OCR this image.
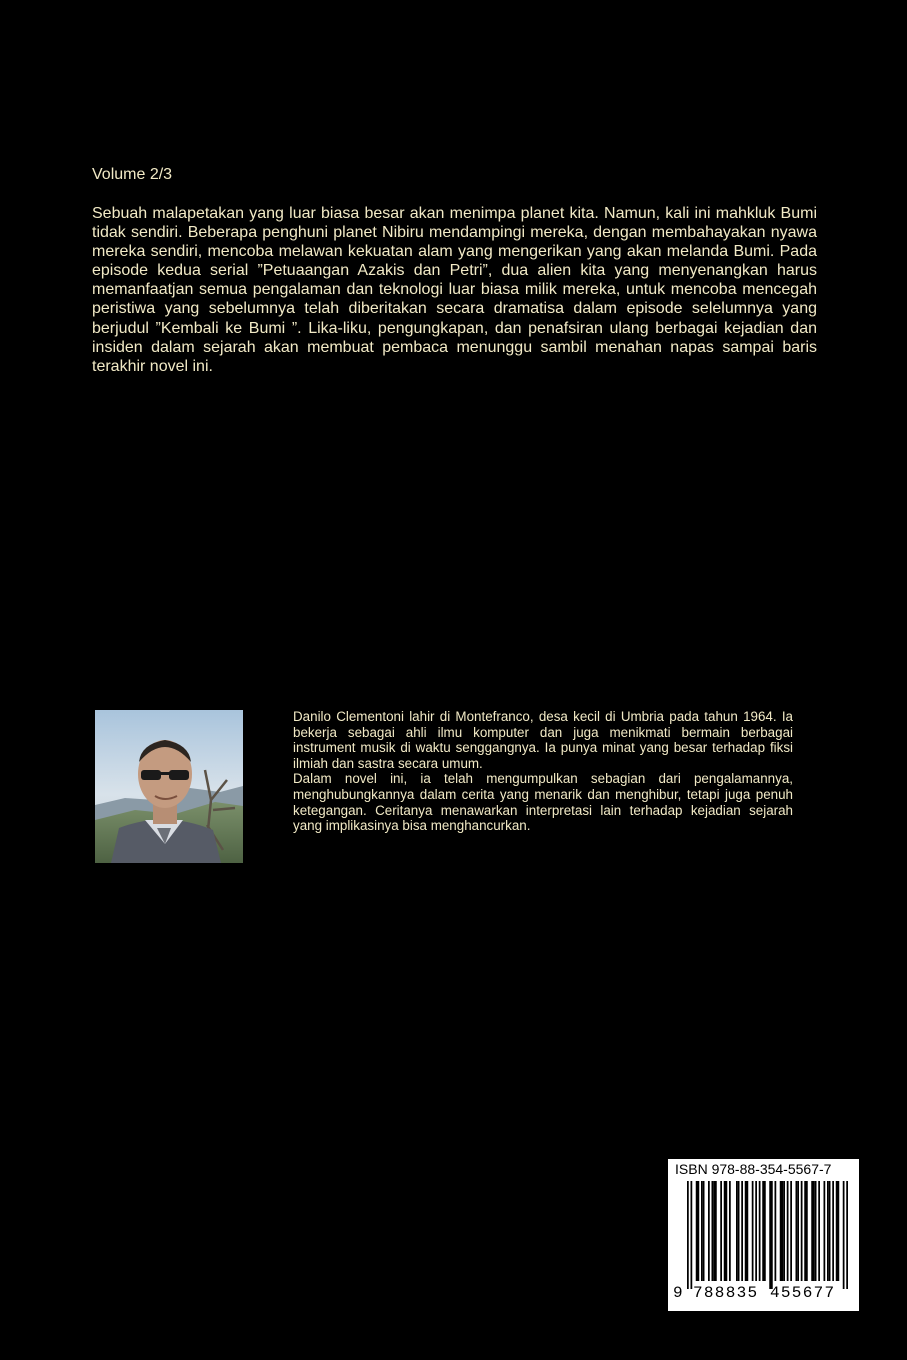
Volume 2/3

Sebuah malapetakan yang luar biasa besar akan menimpa planet kita. Namun, kali ini mahkluk Bumi tidak sendiri. Beberapa penghuni planet Nibiru mendampingi mereka, dengan membahayakan nyawa mereka sendiri, mencoba melawan kekuatan alam yang mengerikan yang akan melanda Bumi. Pada episode kedua serial ”Petuaangan Azakis dan Petri”, dua alien kita yang menyenangkan harus memanfaatjan semua pengalaman dan teknologi luar biasa milik mereka, untuk mencoba mencegah peristiwa yang sebelumnya telah diberitakan secara dramatisa dalam episode selelumnya yang berjudul ”Kembali ke Bumi ”. Lika-liku, pengungkapan, dan penafsiran ulang berbagai kejadian dan insiden dalam sejarah akan membuat pembaca menunggu sambil menahan napas sampai baris terakhir novel ini.

Danilo Clementoni lahir di Montefranco, desa kecil di Umbria pada tahun 1964. Ia bekerja sebagai ahli ilmu komputer dan juga menikmati bermain berbagai instrument musik di waktu senggangnya. Ia punya minat yang besar terhadap fiksi ilmiah dan sastra secara umum.

Dalam novel ini, ia telah mengumpulkan sebagian dari pengalamannya, menghubungkannya dalam cerita yang menarik dan menghibur, tetapi juga penuh ketegangan. Ceritanya menawarkan interpretasi lain terhadap kejadian sejarah yang implikasinya bisa menghancurkan.

ISBN 978-88-354-5567-7
9 788835 455677
